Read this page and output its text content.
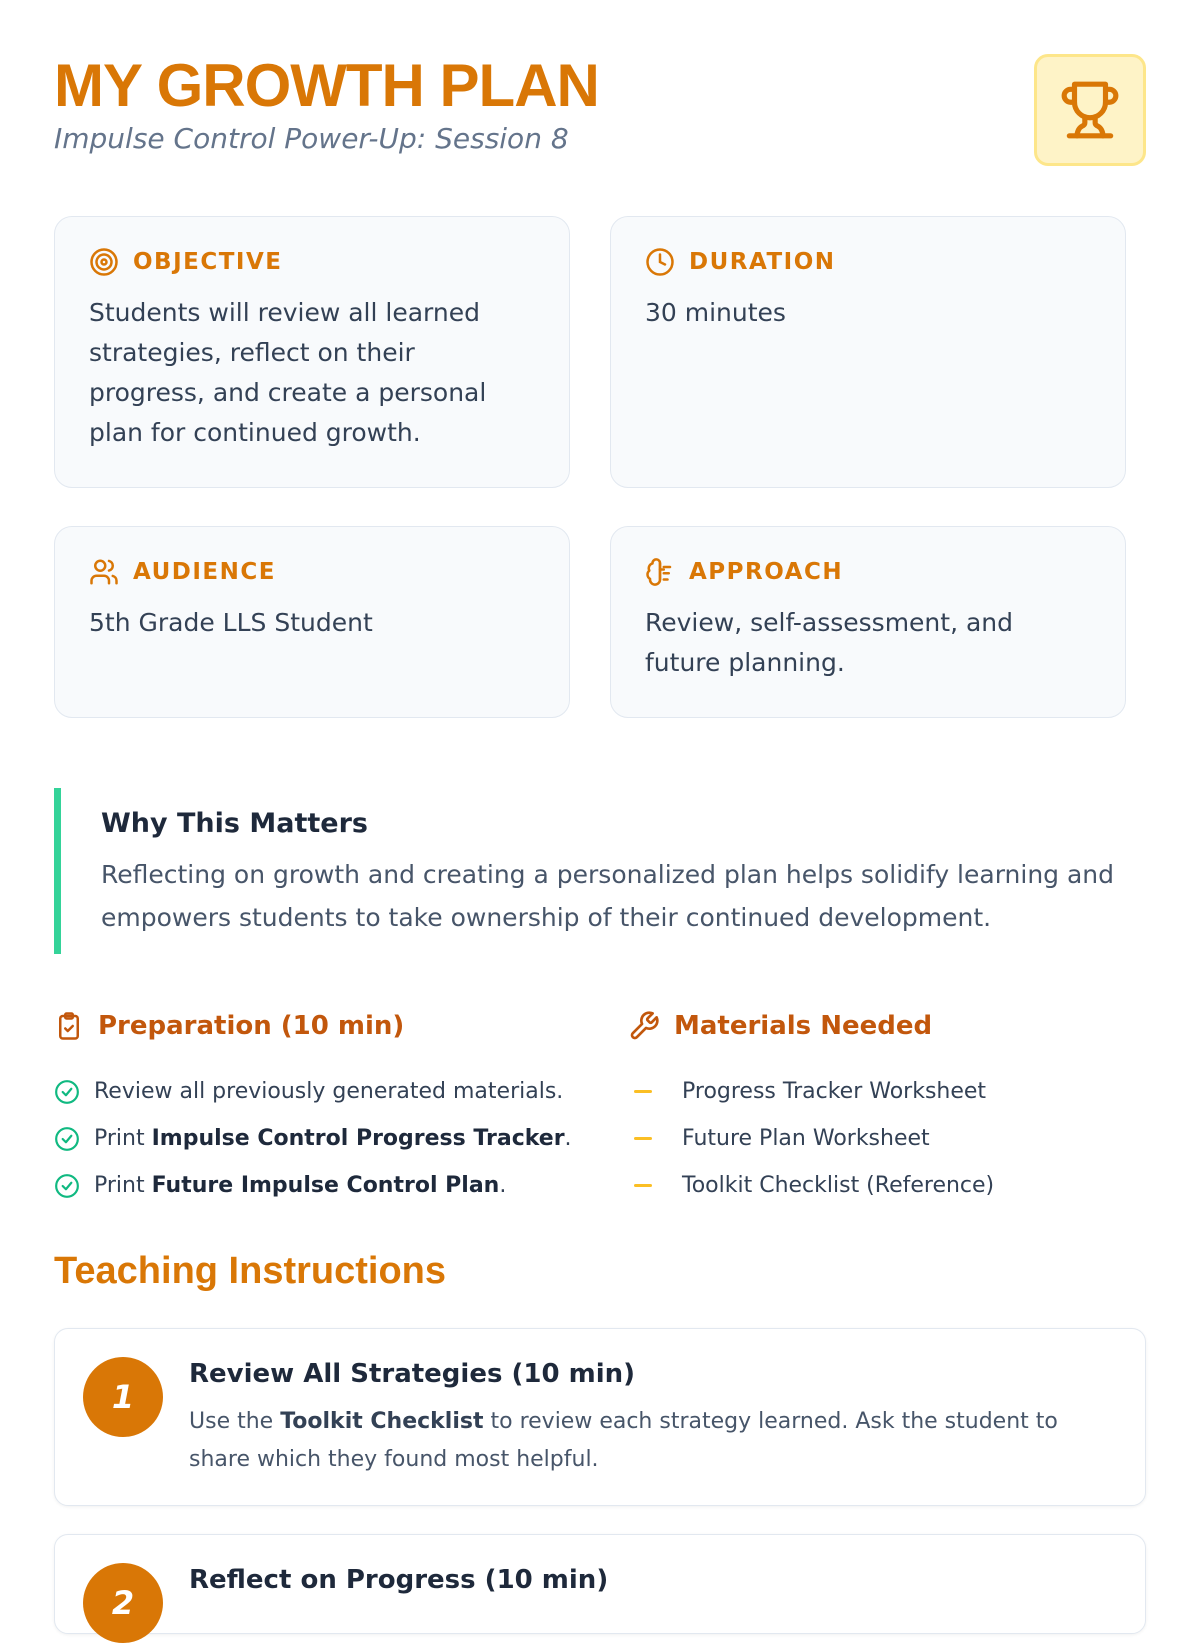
MY GROWTH PLAN
Impulse Control Power-Up: Session 8
OBJECTIVE
Students will review all learned strategies, reflect on their progress, and create a personal plan for continued growth.
DURATION
30 minutes
AUDIENCE
5th Grade LLS Student
APPROACH
Review, self-assessment, and future planning.
Why This Matters
Reflecting on growth and creating a personalized plan helps solidify learning and empowers students to take ownership of their continued development.
Preparation (10 min)
Review all previously generated materials.
Print Impulse Control Progress Tracker.
Print Future Impulse Control Plan.
Materials Needed
Progress Tracker Worksheet
Future Plan Worksheet
Toolkit Checklist (Reference)
Teaching Instructions
1
Review All Strategies (10 min)
Use the Toolkit Checklist to review each strategy learned. Ask the student to share which they found most helpful.
2
Reflect on Progress (10 min)
